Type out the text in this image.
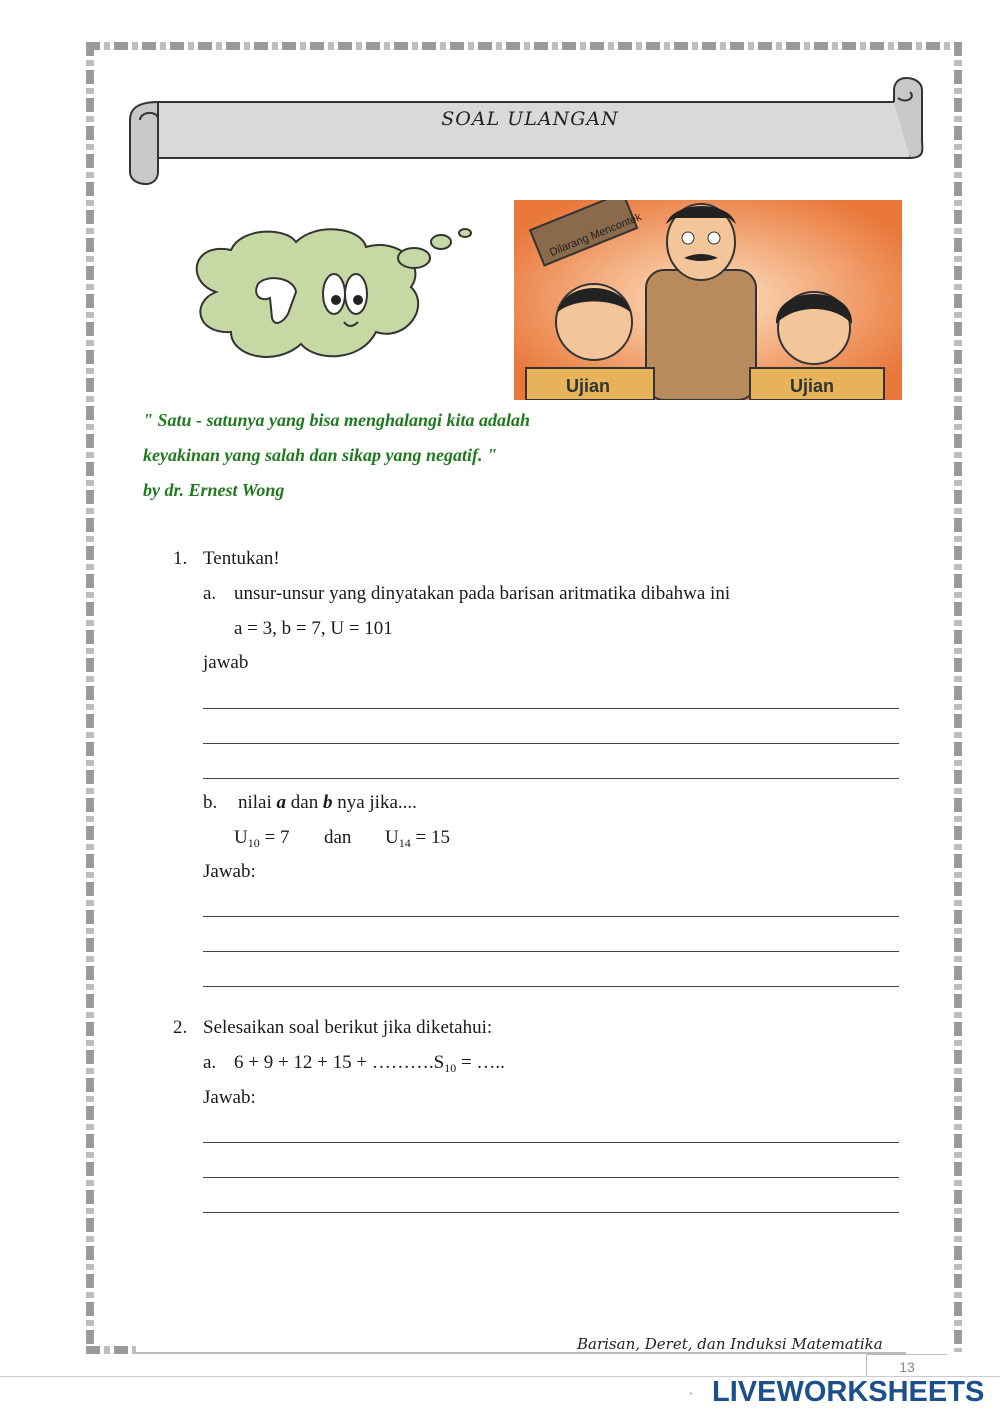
SOAL ULANGAN
Dilarang Mencontek
Ujian	Ujian
" Satu - satunya yang bisa menghalangi kita adalah
keyakinan yang salah dan sikap yang negatif. "
by dr. Ernest Wong
1. Tentukan!
a. unsur-unsur yang dinyatakan pada barisan aritmatika dibahwa ini
a = 3, b = 7, U = 101
jawab
b. nilai a dan b nya jika....
$U_{10} = 7$ dan $U_{14} = 15$
Jawab:
2. Selesaikan soal berikut jika diketahui:
a. $6 + 9 + 12 + 15 + \dots\dots\dots.S_{10}$ = …..
Jawab:
Barisan, Deret, dan Induksi Matematika
13
LIVEWORKSHEETS
